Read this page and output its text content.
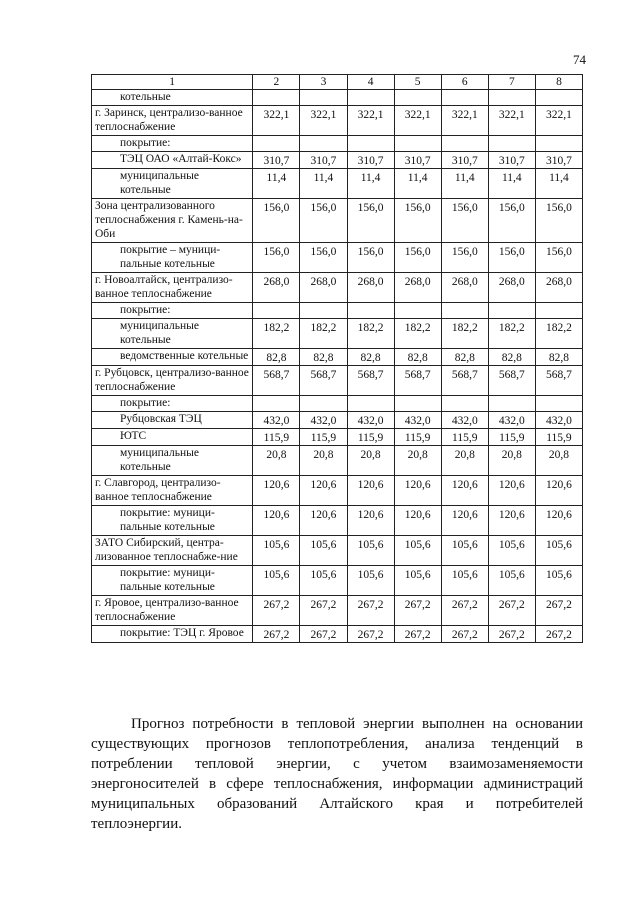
74
1	2	3	4	5	6	7	8
котельные							
г. Заринск, централизо-ванное теплоснабжение	322,1	322,1	322,1	322,1	322,1	322,1	322,1
покрытие:							
ТЭЦ ОАО «Алтай-Кокс»	310,7	310,7	310,7	310,7	310,7	310,7	310,7
муниципальные котельные	11,4	11,4	11,4	11,4	11,4	11,4	11,4
Зона централизованного теплоснабжения г. Камень-на-Оби	156,0	156,0	156,0	156,0	156,0	156,0	156,0
покрытие – муници-пальные котельные	156,0	156,0	156,0	156,0	156,0	156,0	156,0
г. Новоалтайск, централизо-ванное теплоснабжение	268,0	268,0	268,0	268,0	268,0	268,0	268,0
покрытие:							
муниципальные котельные	182,2	182,2	182,2	182,2	182,2	182,2	182,2
ведомственные котельные	82,8	82,8	82,8	82,8	82,8	82,8	82,8
г. Рубцовск, централизо-ванное теплоснабжение	568,7	568,7	568,7	568,7	568,7	568,7	568,7
покрытие:							
Рубцовская ТЭЦ	432,0	432,0	432,0	432,0	432,0	432,0	432,0
ЮТС	115,9	115,9	115,9	115,9	115,9	115,9	115,9
муниципальные котельные	20,8	20,8	20,8	20,8	20,8	20,8	20,8
г. Славгород, централизо-ванное теплоснабжение	120,6	120,6	120,6	120,6	120,6	120,6	120,6
покрытие: муници-пальные котельные	120,6	120,6	120,6	120,6	120,6	120,6	120,6
ЗАТО Сибирский, центра-лизованное теплоснабже-ние	105,6	105,6	105,6	105,6	105,6	105,6	105,6
покрытие: муници-пальные котельные	105,6	105,6	105,6	105,6	105,6	105,6	105,6
г. Яровое, централизо-ванное теплоснабжение	267,2	267,2	267,2	267,2	267,2	267,2	267,2
покрытие: ТЭЦ г. Яровое	267,2	267,2	267,2	267,2	267,2	267,2	267,2

Прогноз потребности в тепловой энергии выполнен на основании существующих прогнозов теплопотребления, анализа тенденций в потреблении тепловой энергии, с учетом взаимозаменяемости энергоносителей в сфере теплоснабжения, информации администраций муниципальных образований Алтайского края и потребителей теплоэнергии.
